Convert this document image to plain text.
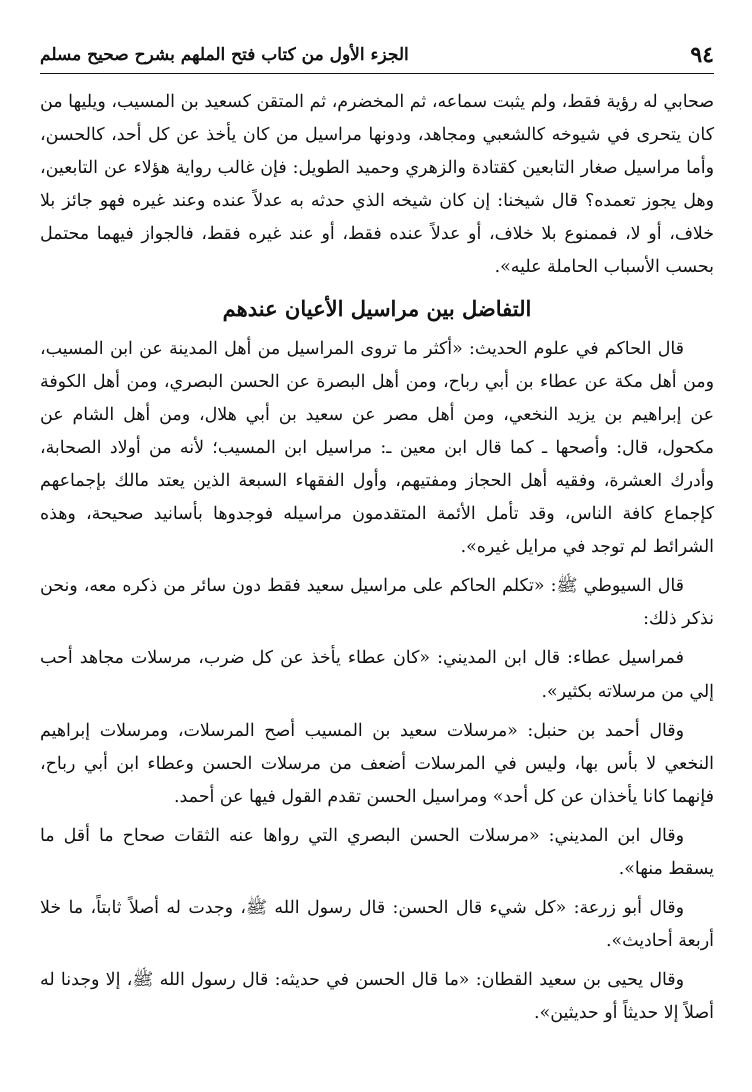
٩٤
الجزء الأول من كتاب فتح الملهم بشرح صحيح مسلم

صحابي له رؤية فقط، ولم يثبت سماعه، ثم المخضرم، ثم المتقن كسعيد بن المسيب، ويليها من كان يتحرى في شيوخه كالشعبي ومجاهد، ودونها مراسيل من كان يأخذ عن كل أحد، كالحسن، وأما مراسيل صغار التابعين كقتادة والزهري وحميد الطويل: فإن غالب رواية هؤلاء عن التابعين، وهل يجوز تعمده؟ قال شيخنا: إن كان شيخه الذي حدثه به عدلاً عنده وعند غيره فهو جائز بلا خلاف، أو لا، فممنوع بلا خلاف، أو عدلاً عنده فقط، أو عند غيره فقط، فالجواز فيهما محتمل بحسب الأسباب الحاملة عليه».

التفاضل بين مراسيل الأعيان عندهم

قال الحاكم في علوم الحديث: «أكثر ما تروى المراسيل من أهل المدينة عن ابن المسيب، ومن أهل مكة عن عطاء بن أبي رباح، ومن أهل البصرة عن الحسن البصري، ومن أهل الكوفة عن إبراهيم بن يزيد النخعي، ومن أهل مصر عن سعيد بن أبي هلال، ومن أهل الشام عن مكحول، قال: وأصحها ـ كما قال ابن معين ـ: مراسيل ابن المسيب؛ لأنه من أولاد الصحابة، وأدرك العشرة، وفقيه أهل الحجاز ومفتيهم، وأول الفقهاء السبعة الذين يعتد مالك بإجماعهم كإجماع كافة الناس، وقد تأمل الأئمة المتقدمون مراسيله فوجدوها بأسانيد صحيحة، وهذه الشرائط لم توجد في مرايل غيره».

قال السيوطي ﷺ: «تكلم الحاكم على مراسيل سعيد فقط دون سائر من ذكره معه، ونحن نذكر ذلك:

فمراسيل عطاء: قال ابن المديني: «كان عطاء يأخذ عن كل ضرب، مرسلات مجاهد أحب إلي من مرسلاته بكثير».

وقال أحمد بن حنبل: «مرسلات سعيد بن المسيب أصح المرسلات، ومرسلات إبراهيم النخعي لا بأس بها، وليس في المرسلات أضعف من مرسلات الحسن وعطاء ابن أبي رباح، فإنهما كانا يأخذان عن كل أحد» ومراسيل الحسن تقدم القول فيها عن أحمد.

وقال ابن المديني: «مرسلات الحسن البصري التي رواها عنه الثقات صحاح ما أقل ما يسقط منها».

وقال أبو زرعة: «كل شيء قال الحسن: قال رسول الله ﷺ، وجدت له أصلاً ثابتاً، ما خلا أربعة أحاديث».

وقال يحيى بن سعيد القطان: «ما قال الحسن في حديثه: قال رسول الله ﷺ، إلا وجدنا له أصلاً إلا حديثاً أو حديثين».
